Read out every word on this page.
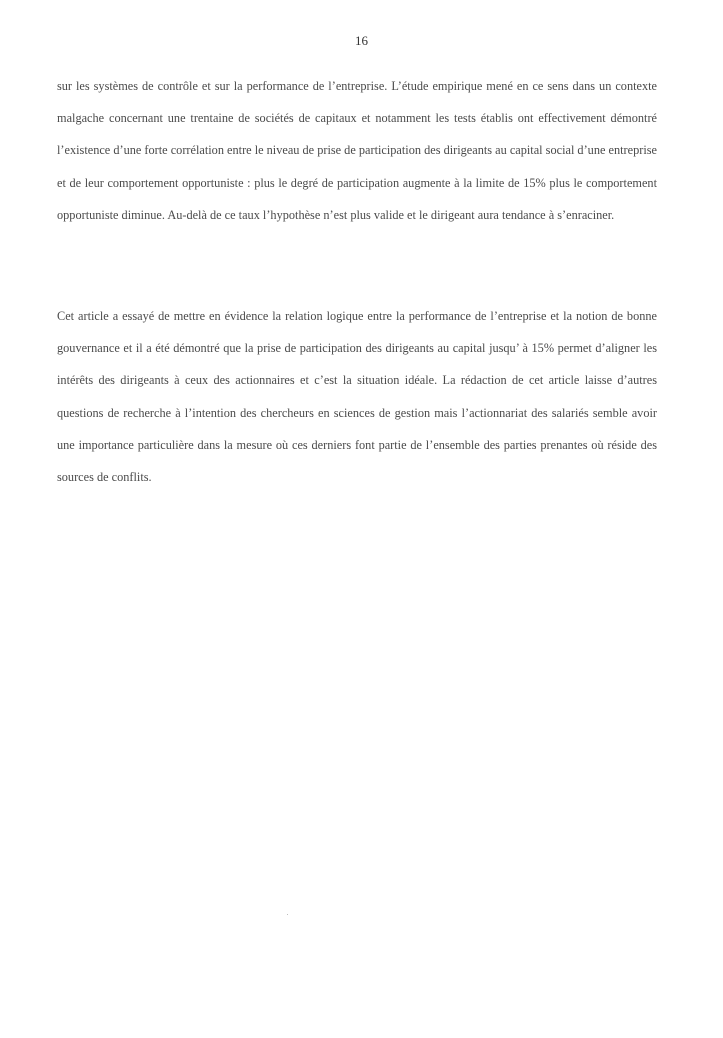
16

sur les systèmes de contrôle et sur la performance de l’entreprise. L’étude empirique mené en ce sens dans un contexte malgache concernant une trentaine de sociétés de capitaux et notamment les tests établis ont effectivement démontré l’existence d’une forte corrélation entre le niveau de prise de participation des dirigeants au capital social d’une entreprise et de leur comportement opportuniste : plus le degré de participation augmente à la limite de 15% plus le comportement opportuniste diminue. Au-delà de ce taux l’hypothèse n’est plus valide et le dirigeant aura tendance à s’enraciner.

Cet article a essayé de mettre en évidence la relation logique entre la performance de l’entreprise et la notion de bonne gouvernance et il a été démontré que la prise de participation des dirigeants au capital jusqu’ à 15% permet d’aligner les intérêts des dirigeants à ceux des actionnaires et c’est la situation idéale. La rédaction de cet article laisse d’autres questions de recherche à l’intention des chercheurs en sciences de gestion mais l’actionnariat des salariés semble avoir une importance particulière dans la mesure où ces derniers font partie de l’ensemble des parties prenantes où réside des sources de conflits.
